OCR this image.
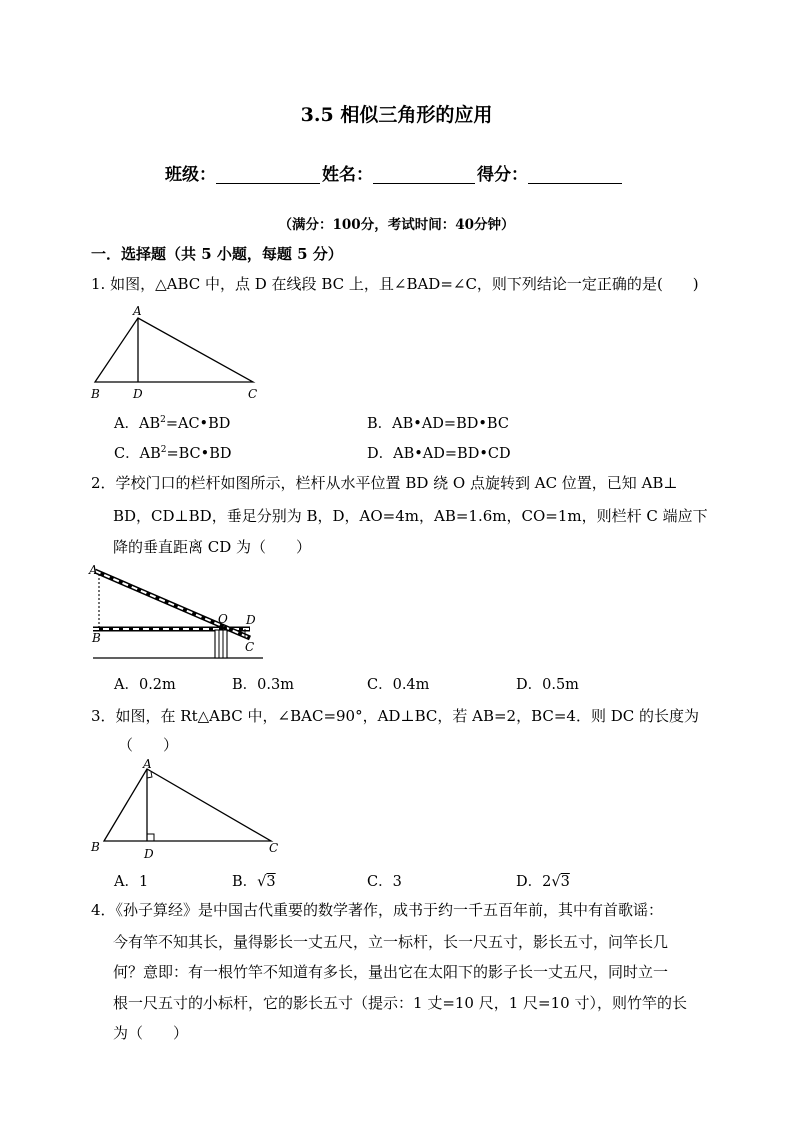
3.5 相似三角形的应用
班级：	姓名：	得分：
（满分：100分，考试时间：40分钟）
一．选择题（共 5 小题，每题 5 分）
1. 如图，△ABC 中，点 D 在线段 BC 上，且∠BAD=∠C，则下列结论一定正确的是(　　)
A
B	D	C
A．$AB^2=AC•BD$	B．AB•AD=BD•BC
C．$AB^2=BC•BD$	D．AB•AD=BD•CD
2．学校门口的栏杆如图所示，栏杆从水平位置 BD 绕 O 点旋转到 AC 位置，已知 AB⊥
BD，CD⊥BD，垂足分别为 B，D，AO=4m，AB=1.6m，CO=1m，则栏杆 C 端应下
降的垂直距离 CD 为（　　）
A
B
O D
C
A．0.2m	B．0.3m	C．0.4m	D．0.5m
3．如图，在 Rt△ABC 中，∠BAC=90°，AD⊥BC，若 AB=2，BC=4．则 DC 的长度为
（　　）
A
B	D	C
A．1	B．√3	C．3	D．2√3
4．《孙子算经》是中国古代重要的数学著作，成书于约一千五百年前，其中有首歌谣：
今有竿不知其长，量得影长一丈五尺，立一标杆，长一尺五寸，影长五寸，问竿长几
何？意即：有一根竹竿不知道有多长，量出它在太阳下的影子长一丈五尺，同时立一
根一尺五寸的小标杆，它的影长五寸（提示：1 丈=10 尺，1 尺=10 寸），则竹竿的长
为（　　）
